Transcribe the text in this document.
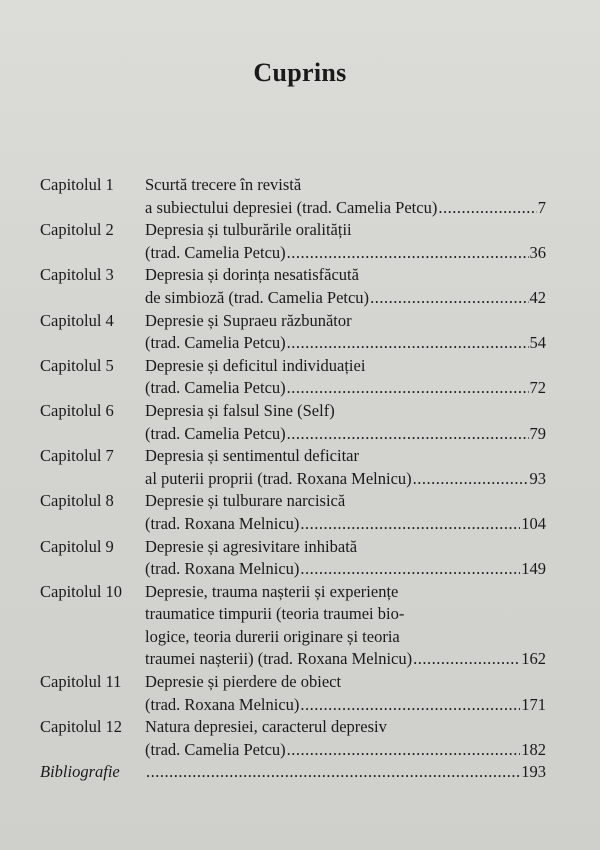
Cuprins
Capitolul 1	Scurtă trecere în revistă
a subiectului depresiei (trad. Camelia Petcu) .....	7
Capitolul 2	Depresia și tulburările oralității
(trad. Camelia Petcu) .....	36
Capitolul 3	Depresia și dorința nesatisfăcută
de simbioză (trad. Camelia Petcu) .....	42
Capitolul 4	Depresie și Supraeu răzbunător
(trad. Camelia Petcu) .....	54
Capitolul 5	Depresie și deficitul individuației
(trad. Camelia Petcu) .....	72
Capitolul 6	Depresia și falsul Sine (Self)
(trad. Camelia Petcu) .....	79
Capitolul 7	Depresia și sentimentul deficitar
al puterii proprii (trad. Roxana Melnicu) .....	93
Capitolul 8	Depresie și tulburare narcisică
(trad. Roxana Melnicu) .....	104
Capitolul 9	Depresie și agresivitare inhibată
(trad. Roxana Melnicu) .....	149
Capitolul 10	Depresie, trauma nașterii și experiențe
traumatice timpurii (teoria traumei bio-
logice, teoria durerii originare și teoria
traumei nașterii) (trad. Roxana Melnicu) .....	162
Capitolul 11	Depresie și pierdere de obiect
(trad. Roxana Melnicu) .....	171
Capitolul 12	Natura depresiei, caracterul depresiv
(trad. Camelia Petcu) .....	182
Bibliografie .....	193
